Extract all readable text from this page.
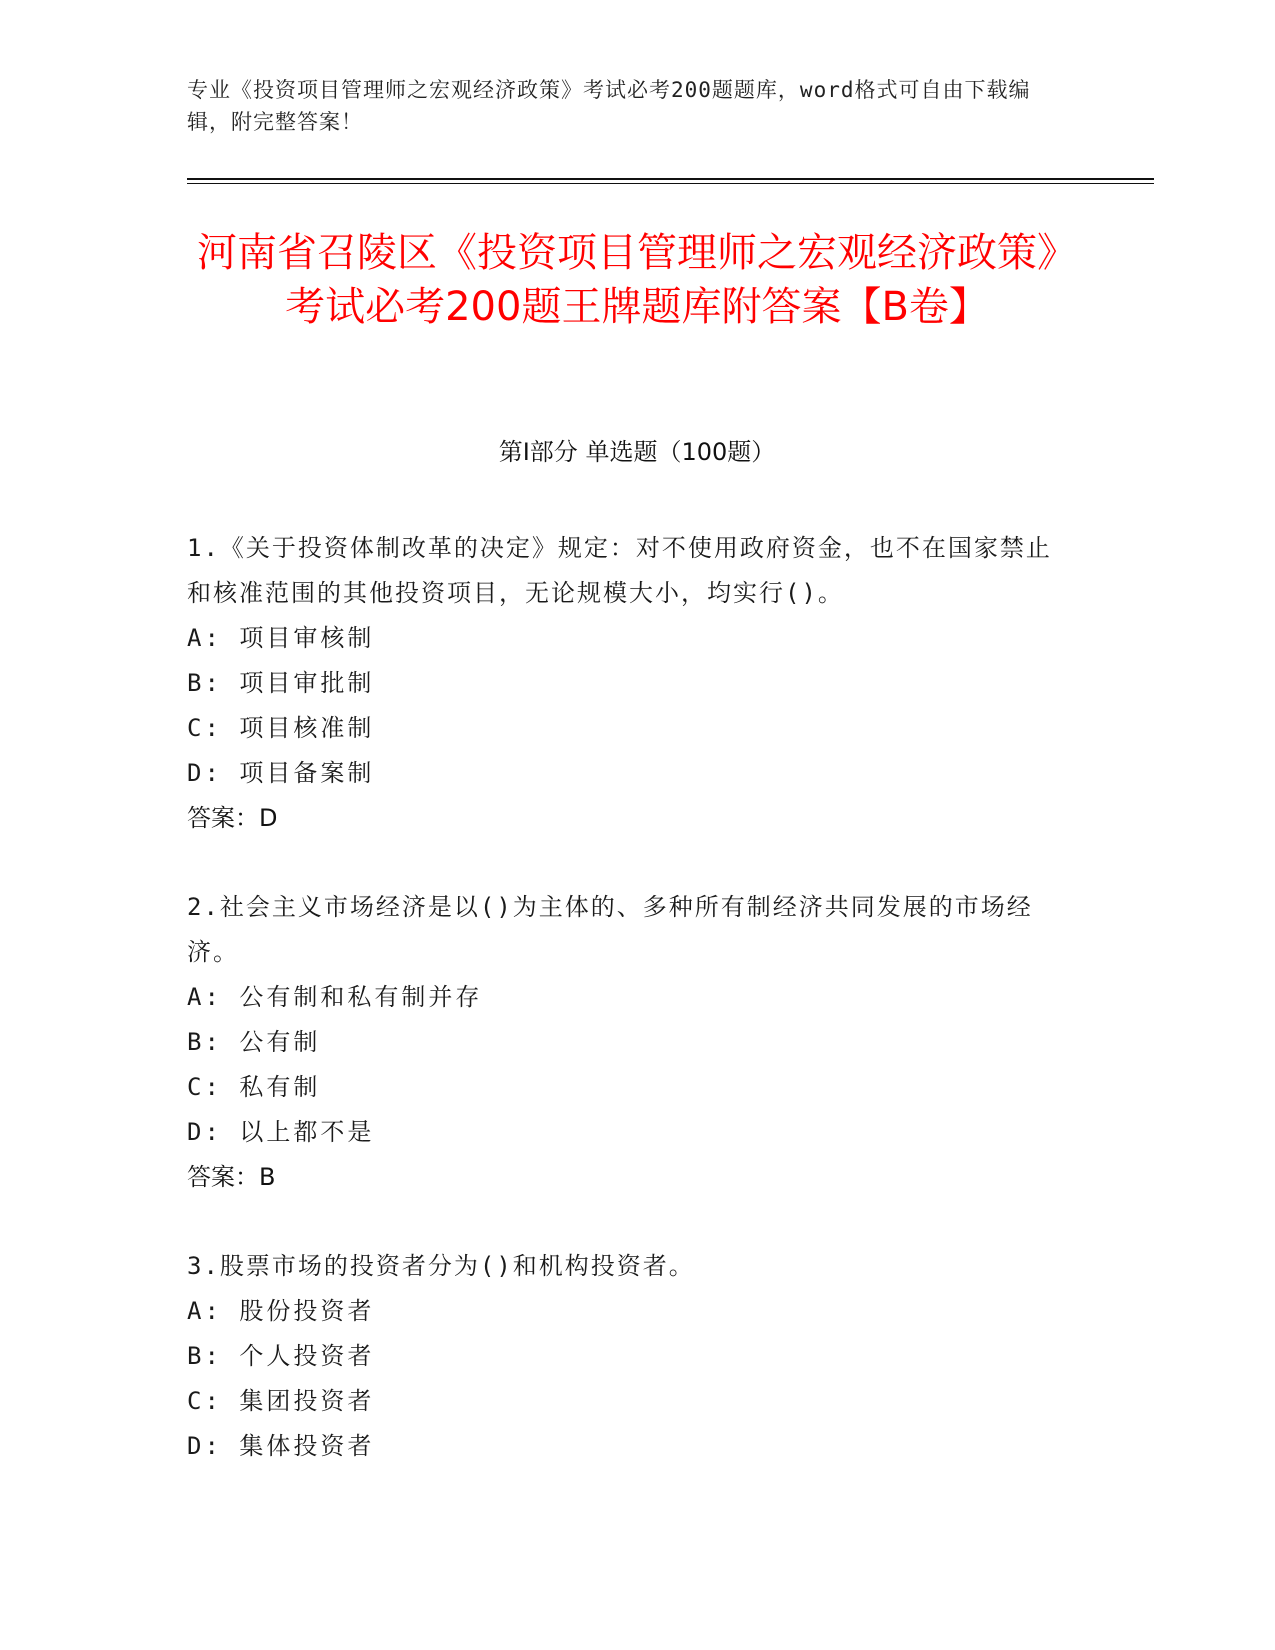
专业《投资项目管理师之宏观经济政策》考试必考200题题库，word格式可自由下载编辑，附完整答案！
河南省召陵区《投资项目管理师之宏观经济政策》考试必考200题王牌题库附答案【B卷】
第I部分 单选题（100题）

1.《关于投资体制改革的决定》规定：对不使用政府资金，也不在国家禁止和核准范围的其他投资项目，无论规模大小，均实行()。

A: 项目审核制

B: 项目审批制

C: 项目核准制

D: 项目备案制

答案：D

2.社会主义市场经济是以()为主体的、多种所有制经济共同发展的市场经济。

A: 公有制和私有制并存

B: 公有制

C: 私有制

D: 以上都不是

答案：B

3.股票市场的投资者分为()和机构投资者。

A: 股份投资者

B: 个人投资者

C: 集团投资者

D: 集体投资者
